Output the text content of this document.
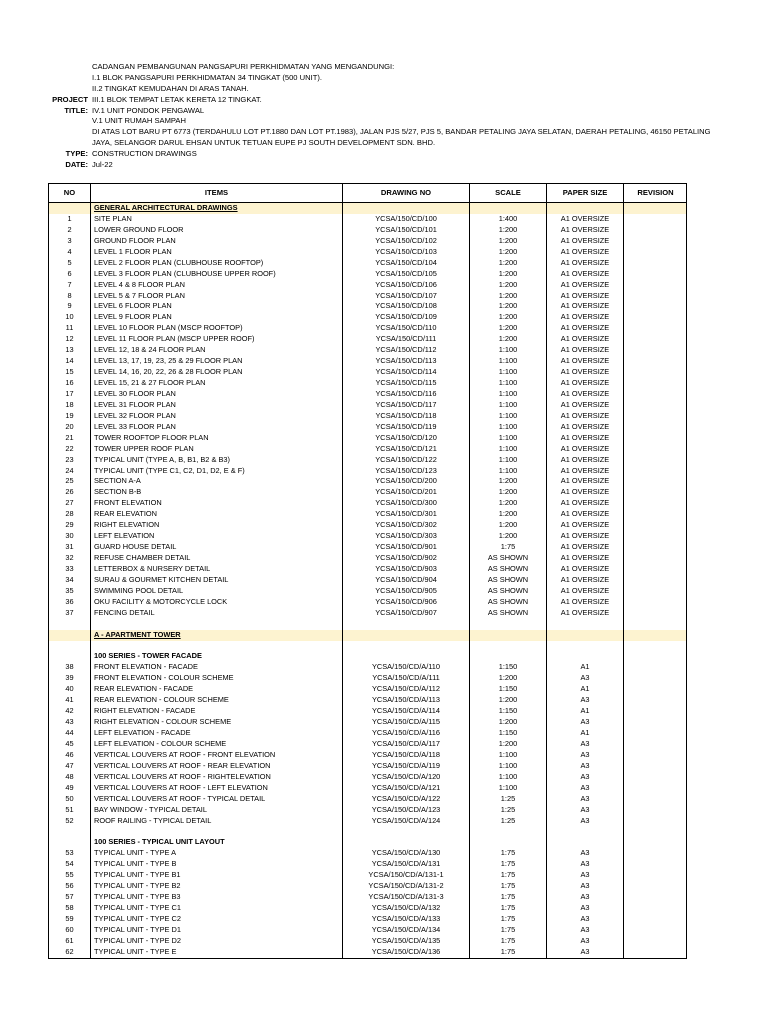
CADANGAN PEMBANGUNAN PANGSAPURI PERKHIDMATAN YANG MENGANDUNGI:
I.1 BLOK PANGSAPURI PERKHIDMATAN 34 TINGKAT (500 UNIT).
II.2 TINGKAT KEMUDAHAN DI ARAS TANAH.
PROJECT III.1 BLOK TEMPAT LETAK KERETA 12 TINGKAT.
TITLE: IV.1 UNIT PONDOK PENGAWAL
V.1 UNIT RUMAH SAMPAH
DI ATAS LOT BARU PT 6773 (TERDAHULU LOT PT.1880 DAN LOT PT.1983), JALAN PJS 5/27, PJS 5, BANDAR PETALING JAYA SELATAN, DAERAH PETALING, 46150 PETALING
JAYA, SELANGOR DARUL EHSAN UNTUK TETUAN EUPE PJ SOUTH DEVELOPMENT SDN. BHD.
TYPE: CONSTRUCTION DRAWINGS
DATE: Jul-22
NO	ITEMS	DRAWING NO	SCALE	PAPER SIZE	REVISION
GENERAL ARCHITECTURAL DRAWINGS
1	SITE PLAN	YCSA/150/CD/100	1:400	A1 OVERSIZE
2	LOWER GROUND FLOOR	YCSA/150/CD/101	1:200	A1 OVERSIZE
3	GROUND FLOOR PLAN	YCSA/150/CD/102	1:200	A1 OVERSIZE
4	LEVEL 1 FLOOR PLAN	YCSA/150/CD/103	1:200	A1 OVERSIZE
5	LEVEL 2 FLOOR PLAN (CLUBHOUSE ROOFTOP)	YCSA/150/CD/104	1:200	A1 OVERSIZE
6	LEVEL 3 FLOOR PLAN (CLUBHOUSE UPPER ROOF)	YCSA/150/CD/105	1:200	A1 OVERSIZE
7	LEVEL 4 & 8 FLOOR PLAN	YCSA/150/CD/106	1:200	A1 OVERSIZE
8	LEVEL 5 & 7 FLOOR PLAN	YCSA/150/CD/107	1:200	A1 OVERSIZE
9	LEVEL 6 FLOOR PLAN	YCSA/150/CD/108	1:200	A1 OVERSIZE
10	LEVEL 9 FLOOR PLAN	YCSA/150/CD/109	1:200	A1 OVERSIZE
11	LEVEL 10 FLOOR PLAN (MSCP ROOFTOP)	YCSA/150/CD/110	1:200	A1 OVERSIZE
12	LEVEL 11 FLOOR PLAN (MSCP UPPER ROOF)	YCSA/150/CD/111	1:200	A1 OVERSIZE
13	LEVEL 12, 18 & 24 FLOOR PLAN	YCSA/150/CD/112	1:100	A1 OVERSIZE
14	LEVEL 13, 17, 19, 23, 25 & 29 FLOOR PLAN	YCSA/150/CD/113	1:100	A1 OVERSIZE
15	LEVEL 14, 16, 20, 22, 26 & 28 FLOOR PLAN	YCSA/150/CD/114	1:100	A1 OVERSIZE
16	LEVEL 15, 21 & 27 FLOOR PLAN	YCSA/150/CD/115	1:100	A1 OVERSIZE
17	LEVEL 30 FLOOR PLAN	YCSA/150/CD/116	1:100	A1 OVERSIZE
18	LEVEL 31 FLOOR PLAN	YCSA/150/CD/117	1:100	A1 OVERSIZE
19	LEVEL 32 FLOOR PLAN	YCSA/150/CD/118	1:100	A1 OVERSIZE
20	LEVEL 33 FLOOR PLAN	YCSA/150/CD/119	1:100	A1 OVERSIZE
21	TOWER ROOFTOP FLOOR PLAN	YCSA/150/CD/120	1:100	A1 OVERSIZE
22	TOWER UPPER ROOF PLAN	YCSA/150/CD/121	1:100	A1 OVERSIZE
23	TYPICAL UNIT (TYPE A, B, B1, B2 & B3)	YCSA/150/CD/122	1:100	A1 OVERSIZE
24	TYPICAL UNIT (TYPE C1, C2, D1, D2, E & F)	YCSA/150/CD/123	1:100	A1 OVERSIZE
25	SECTION A-A	YCSA/150/CD/200	1:200	A1 OVERSIZE
26	SECTION B-B	YCSA/150/CD/201	1:200	A1 OVERSIZE
27	FRONT ELEVATION	YCSA/150/CD/300	1:200	A1 OVERSIZE
28	REAR ELEVATION	YCSA/150/CD/301	1:200	A1 OVERSIZE
29	RIGHT ELEVATION	YCSA/150/CD/302	1:200	A1 OVERSIZE
30	LEFT ELEVATION	YCSA/150/CD/303	1:200	A1 OVERSIZE
31	GUARD HOUSE DETAIL	YCSA/150/CD/901	1:75	A1 OVERSIZE
32	REFUSE CHAMBER DETAIL	YCSA/150/CD/902	AS SHOWN	A1 OVERSIZE
33	LETTERBOX & NURSERY DETAIL	YCSA/150/CD/903	AS SHOWN	A1 OVERSIZE
34	SURAU & GOURMET KITCHEN DETAIL	YCSA/150/CD/904	AS SHOWN	A1 OVERSIZE
35	SWIMMING POOL DETAIL	YCSA/150/CD/905	AS SHOWN	A1 OVERSIZE
36	OKU FACILITY & MOTORCYCLE LOCK	YCSA/150/CD/906	AS SHOWN	A1 OVERSIZE
37	FENCING DETAIL	YCSA/150/CD/907	AS SHOWN	A1 OVERSIZE
A - APARTMENT TOWER
100 SERIES - TOWER FACADE
38	FRONT ELEVATION - FACADE	YCSA/150/CD/A/110	1:150	A1
39	FRONT ELEVATION - COLOUR SCHEME	YCSA/150/CD/A/111	1:200	A3
40	REAR ELEVATION - FACADE	YCSA/150/CD/A/112	1:150	A1
41	REAR ELEVATION - COLOUR SCHEME	YCSA/150/CD/A/113	1:200	A3
42	RIGHT ELEVATION - FACADE	YCSA/150/CD/A/114	1:150	A1
43	RIGHT ELEVATION - COLOUR SCHEME	YCSA/150/CD/A/115	1:200	A3
44	LEFT ELEVATION - FACADE	YCSA/150/CD/A/116	1:150	A1
45	LEFT ELEVATION - COLOUR SCHEME	YCSA/150/CD/A/117	1:200	A3
46	VERTICAL LOUVERS AT ROOF - FRONT ELEVATION	YCSA/150/CD/A/118	1:100	A3
47	VERTICAL LOUVERS AT ROOF - REAR ELEVATION	YCSA/150/CD/A/119	1:100	A3
48	VERTICAL LOUVERS AT ROOF - RIGHTELEVATION	YCSA/150/CD/A/120	1:100	A3
49	VERTICAL LOUVERS AT ROOF - LEFT ELEVATION	YCSA/150/CD/A/121	1:100	A3
50	VERTICAL LOUVERS AT ROOF - TYPICAL DETAIL	YCSA/150/CD/A/122	1:25	A3
51	BAY WINDOW - TYPICAL DETAIL	YCSA/150/CD/A/123	1:25	A3
52	ROOF RAILING - TYPICAL DETAIL	YCSA/150/CD/A/124	1:25	A3
100 SERIES - TYPICAL UNIT LAYOUT
53	TYPICAL UNIT - TYPE A	YCSA/150/CD/A/130	1:75	A3
54	TYPICAL UNIT - TYPE B	YCSA/150/CD/A/131	1:75	A3
55	TYPICAL UNIT - TYPE B1	YCSA/150/CD/A/131-1	1:75	A3
56	TYPICAL UNIT - TYPE B2	YCSA/150/CD/A/131-2	1:75	A3
57	TYPICAL UNIT - TYPE B3	YCSA/150/CD/A/131-3	1:75	A3
58	TYPICAL UNIT - TYPE C1	YCSA/150/CD/A/132	1:75	A3
59	TYPICAL UNIT - TYPE C2	YCSA/150/CD/A/133	1:75	A3
60	TYPICAL UNIT - TYPE D1	YCSA/150/CD/A/134	1:75	A3
61	TYPICAL UNIT - TYPE D2	YCSA/150/CD/A/135	1:75	A3
62	TYPICAL UNIT - TYPE E	YCSA/150/CD/A/136	1:75	A3
